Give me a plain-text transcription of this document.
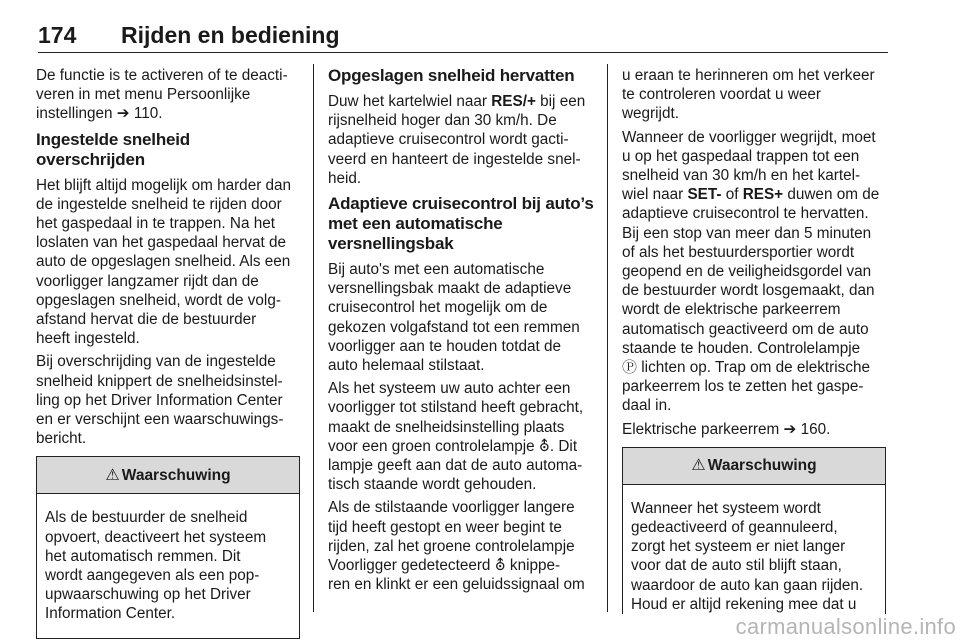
174 Rijden en bediening

De functie is te activeren of te deacti-
veren in met menu Persoonlijke
instellingen ➔ 110.

Ingestelde snelheid overschrijden

Het blijft altijd mogelijk om harder dan
de ingestelde snelheid te rijden door
het gaspedaal in te trappen. Na het
loslaten van het gaspedaal hervat de
auto de opgeslagen snelheid. Als een
voorligger langzamer rijdt dan de
opgeslagen snelheid, wordt de volg-
afstand hervat die de bestuurder
heeft ingesteld.

Bij overschrijding van de ingestelde
snelheid knippert de snelheidsinstel-
ling op het Driver Information Center
en er verschijnt een waarschuwings-
bericht.

⚠ Waarschuwing
Als de bestuurder de snelheid
opvoert, deactiveert het systeem
het automatisch remmen. Dit
wordt aangegeven als een pop-
upwaarschuwing op het Driver
Information Center.
Opgeslagen snelheid hervatten

Duw het kartelwiel naar RES/+ bij een
rijsnelheid hoger dan 30 km/h. De
adaptieve cruisecontrol wordt gacti-
veerd en hanteert de ingestelde snel-
heid.

Adaptieve cruisecontrol bij auto’s
met een automatische
versnellingsbak

Bij auto's met een automatische
versnellingsbak maakt de adaptieve
cruisecontrol het mogelijk om de
gekozen volgafstand tot een remmen
voorligger aan te houden totdat de
auto helemaal stilstaat.

Als het systeem uw auto achter een
voorligger tot stilstand heeft gebracht,
maakt de snelheidsinstelling plaats
voor een groen controlelampje ⛢. Dit
lampje geeft aan dat de auto automa-
tisch staande wordt gehouden.

Als de stilstaande voorligger langere
tijd heeft gestopt en weer begint te
rijden, zal het groene controlelampje
Voorligger gedetecteerd ⛢ knippe-
ren en klinkt er een geluidssignaal om

u eraan te herinneren om het verkeer
te controleren voordat u weer
wegrijdt.

Wanneer de voorligger wegrijdt, moet
u op het gaspedaal trappen tot een
snelheid van 30 km/h en het kartel-
wiel naar SET- of RES+ duwen om de
adaptieve cruisecontrol te hervatten.
Bij een stop van meer dan 5 minuten
of als het bestuurdersportier wordt
geopend en de veiligheidsgordel van
de bestuurder wordt losgemaakt, dan
wordt de elektrische parkeerrem
automatisch geactiveerd om de auto
staande te houden. Controlelampje
Ⓟ lichten op. Trap om de elektrische
parkeerrem los te zetten het gaspe-
daal in.

Elektrische parkeerrem ➔ 160.

⚠ Waarschuwing
Wanneer het systeem wordt
gedeactiveerd of geannuleerd,
zorgt het systeem er niet langer
voor dat de auto stil blijft staan,
waardoor de auto kan gaan rijden.
Houd er altijd rekening mee dat u
carmanualsonline.info
